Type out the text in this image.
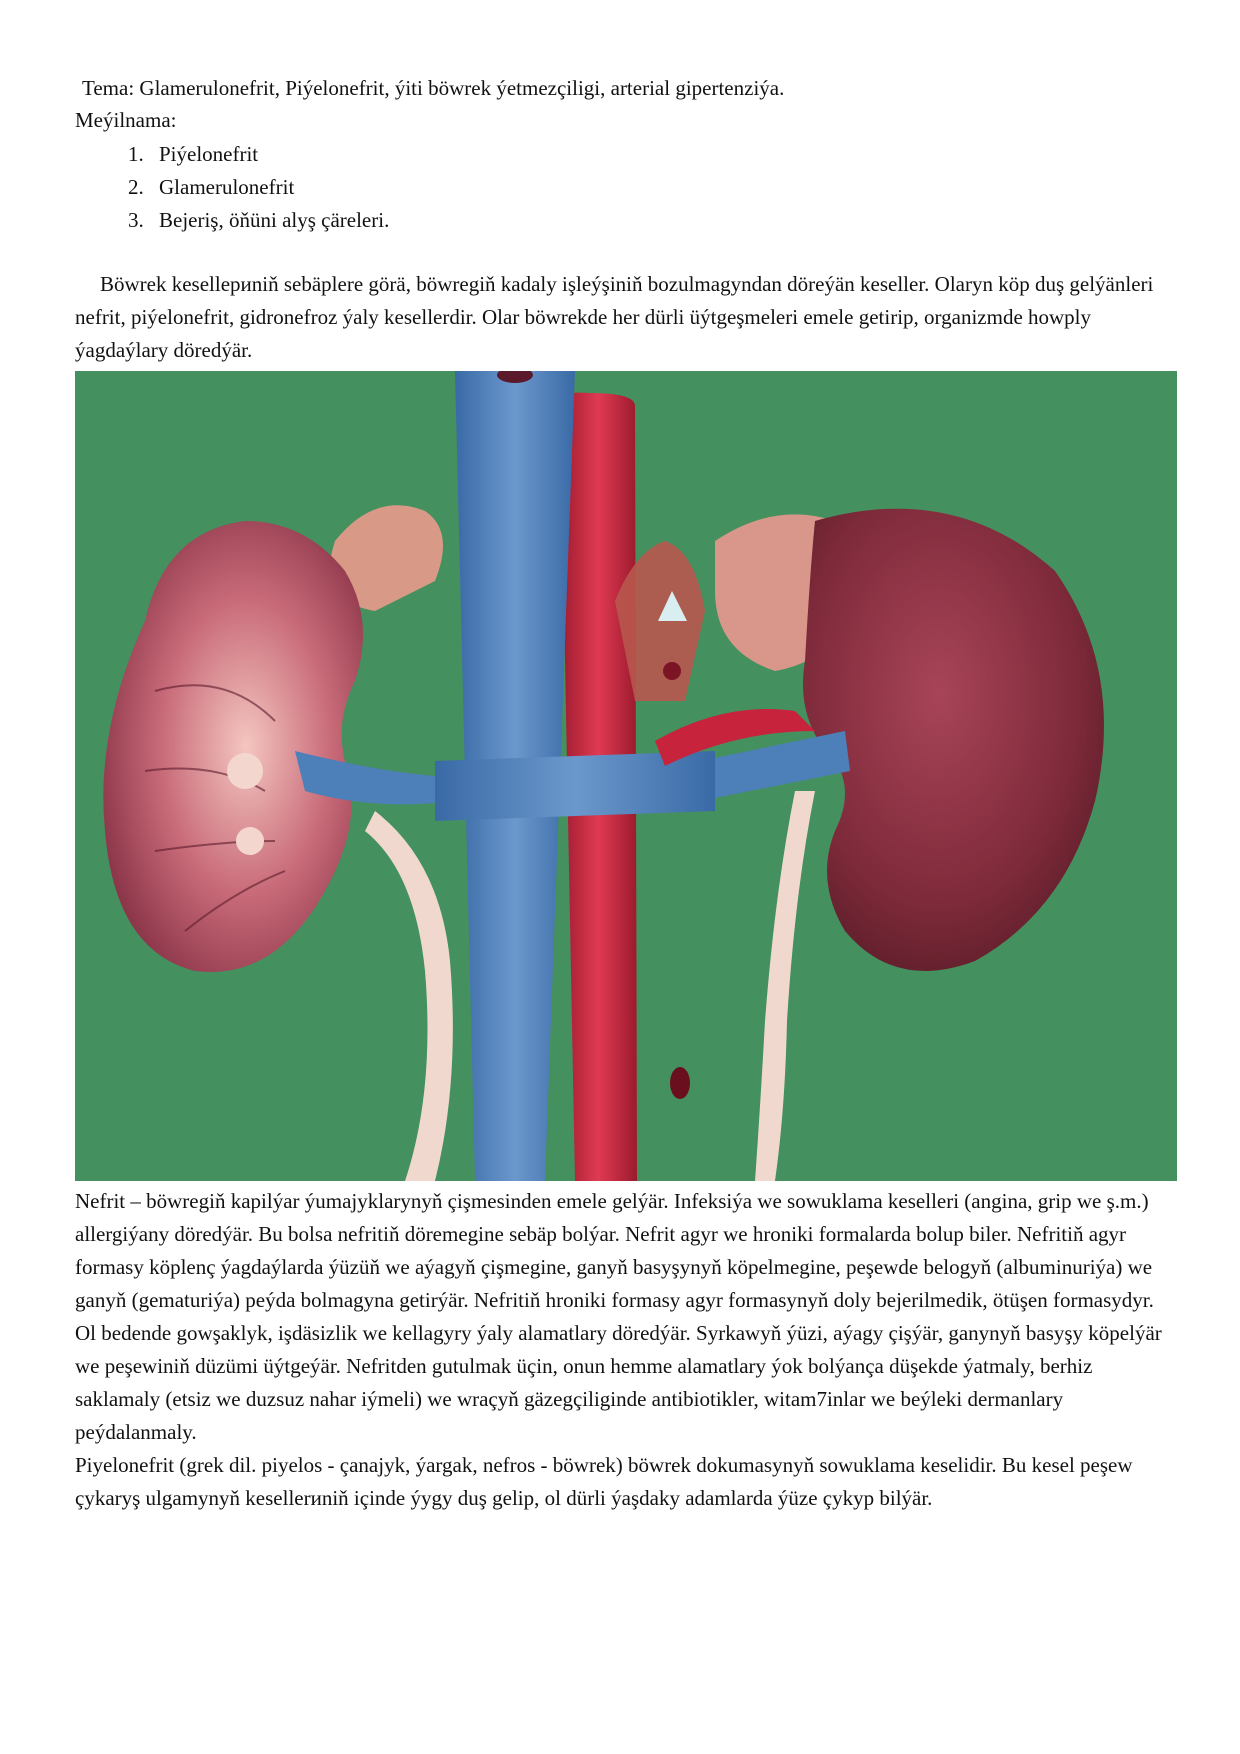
Tema: Glamerulonefrit, Piýelonefrit, ýiti böwrek ýetmezçiligi, arterial gipertenziýa.
Meýilnama:
1. Piýelonefrit
2. Glamerulonefrit
3. Bejeriş, öňüni alyş çäreleri.
Böwrek kesellериniň sebäplere görä, böwregiň kadaly işleýşiniň bozulmagyndan döreýän keseller. Olaryn köp duş gelýänleri nefrit, piýelonefrit, gidronefroz ýaly kesellerdir. Olar böwrekde her dürli üýtgeşmeleri emele getirip, organizmde howply ýagdaýlary döredýär.
Nefrit – böwregiň kapilýar ýumajyklarynyň çişmesinden emele gelýär. Infeksiýa we sowuklama keselleri (angina, grip we ş.m.) allergiýany döredýär. Bu bolsa nefritiň döremegine sebäp bolýar. Nefrit agyr we hroniki formalarda bolup biler. Nefritiň agyr formasy köplenç ýagdaýlarda ýüzüň we aýagyň çişmegine, ganyň basyşynyň köpelmegine, peşewde belogyň (albuminuriýa) we ganyň (gematuriýa) peýda bolmagyna getirýär. Nefritiň hroniki formasy agyr formasynyň doly bejerilmedik, ötüşen formasydyr. Ol bedende gowşaklyk, işdäsizlik we kellagyry ýaly alamatlary döredýär. Syrkawyň ýüzi, aýagy çişýär, ganynyň basyşy köpelýär we peşewiniň düzümi üýtgeýär. Nefritden gutulmak üçin, onun hemme alamatlary ýok bolýança düşekde ýatmaly, berhiz saklamaly (etsiz we duzsuz nahar iýmeli) we wraçyň gäzegçiliginde antibiotikler, witam7inlar we beýleki dermanlary peýdalanmaly.
Piyelonefrit (grek dil. piyelos - çanajyk, ýargak, nefros - böwrek) böwrek dokumasynyň sowuklama keselidir. Bu kesel peşew çykaryş ulgamynyň kesellerиniň içinde ýygy duş gelip, ol dürli ýaşdaky adamlarda ýüze çykyp bilýär.
